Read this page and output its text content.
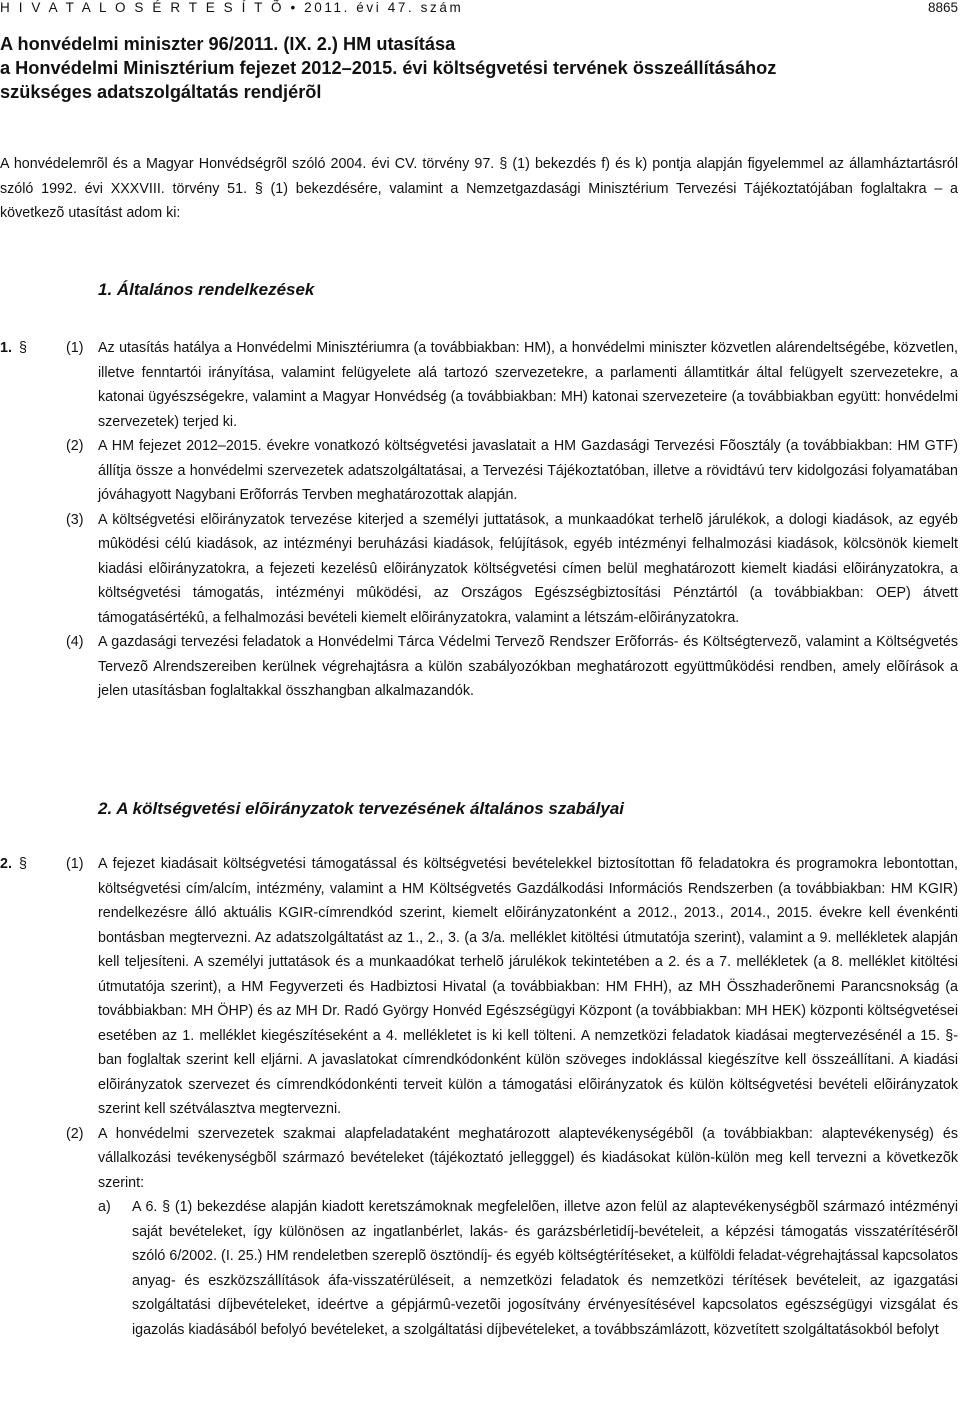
H I V A T A L O S É R T E S Í T Õ • 2011. évi 47. szám	8865
A honvédelmi miniszter 96/2011. (IX. 2.) HM utasítása
a Honvédelmi Minisztérium fejezet 2012–2015. évi költségvetési tervének összeállításához
szükséges adatszolgáltatás rendjérõl

A honvédelemrõl és a Magyar Honvédségrõl szóló 2004. évi CV. törvény 97. § (1) bekezdés f) és k) pontja alapján figyelemmel az államháztartásról szóló 1992. évi XXXVIII. törvény 51. § (1) bekezdésére, valamint a Nemzetgazdasági Minisztérium Tervezési Tájékoztatójában foglaltakra – a következõ utasítást adom ki:

1. Általános rendelkezések
1. §	(1) Az utasítás hatálya a Honvédelmi Minisztériumra (a továbbiakban: HM), a honvédelmi miniszter közvetlen alárendeltségébe, közvetlen, illetve fenntartói irányítása, valamint felügyelete alá tartozó szervezetekre, a parlamenti államtitkár által felügyelt szervezetekre, a katonai ügyészségekre, valamint a Magyar Honvédség (a továbbiakban: MH) katonai szervezeteire (a továbbiakban együtt: honvédelmi szervezetek) terjed ki.
(2) A HM fejezet 2012–2015. évekre vonatkozó költségvetési javaslatait a HM Gazdasági Tervezési Fõosztály (a továbbiakban: HM GTF) állítja össze a honvédelmi szervezetek adatszolgáltatásai, a Tervezési Tájékoztatóban, illetve a rövidtávú terv kidolgozási folyamatában jóváhagyott Nagybani Erõforrás Tervben meghatározottak alapján.
(3) A költségvetési elõirányzatok tervezése kiterjed a személyi juttatások, a munkaadókat terhelõ járulékok, a dologi kiadások, az egyéb mûködési célú kiadások, az intézményi beruházási kiadások, felújítások, egyéb intézményi felhalmozási kiadások, kölcsönök kiemelt kiadási elõirányzatokra, a fejezeti kezelésû elõirányzatok költségvetési címen belül meghatározott kiemelt kiadási elõirányzatokra, a költségvetési támogatás, intézményi mûködési, az Országos Egészségbiztosítási Pénztártól (a továbbiakban: OEP) átvett támogatásértékû, a felhalmozási bevételi kiemelt elõirányzatokra, valamint a létszám-elõirányzatokra.
(4) A gazdasági tervezési feladatok a Honvédelmi Tárca Védelmi Tervezõ Rendszer Erõforrás- és Költségtervezõ, valamint a Költségvetés Tervezõ Alrendszereiben kerülnek végrehajtásra a külön szabályozókban meghatározott együttmûködési rendben, amely elõírások a jelen utasításban foglaltakkal összhangban alkalmazandók.
2. A költségvetési elõirányzatok tervezésének általános szabályai
2. §	(1) A fejezet kiadásait költségvetési támogatással és költségvetési bevételekkel biztosítottan fõ feladatokra és programokra lebontottan, költségvetési cím/alcím, intézmény, valamint a HM Költségvetés Gazdálkodási Információs Rendszerben (a továbbiakban: HM KGIR) rendelkezésre álló aktuális KGIR-címrendkód szerint, kiemelt elõirányzatonként a 2012., 2013., 2014., 2015. évekre kell évenkénti bontásban megtervezni. Az adatszolgáltatást az 1., 2., 3. (a 3/a. melléklet kitöltési útmutatója szerint), valamint a 9. mellékletek alapján kell teljesíteni. A személyi juttatások és a munkaadókat terhelõ járulékok tekintetében a 2. és a 7. mellékletek (a 8. melléklet kitöltési útmutatója szerint), a HM Fegyverzeti és Hadbiztosi Hivatal (a továbbiakban: HM FHH), az MH Összhaderõnemi Parancsnokság (a továbbiakban: MH ÖHP) és az MH Dr. Radó György Honvéd Egészségügyi Központ (a továbbiakban: MH HEK) központi költségvetései esetében az 1. melléklet kiegészítéseként a 4. mellékletet is ki kell tölteni. A nemzetközi feladatok kiadásai megtervezésénél a 15. §-ban foglaltak szerint kell eljárni. A javaslatokat címrendkódonként külön szöveges indoklással kiegészítve kell összeállítani. A kiadási elõirányzatok szervezet és címrendkódonkénti terveit külön a támogatási elõirányzatok és külön költségvetési bevételi elõirányzatok szerint kell szétválasztva megtervezni.
(2) A honvédelmi szervezetek szakmai alapfeladataként meghatározott alaptevékenységébõl (a továbbiakban: alaptevékenység) és vállalkozási tevékenységbõl származó bevételeket (tájékoztató jellegggel) és kiadásokat külön-külön meg kell tervezni a következõk szerint:
a) A 6. § (1) bekezdése alapján kiadott keretszámoknak megfelelõen, illetve azon felül az alaptevékenységbõl származó intézményi saját bevételeket, így különösen az ingatlanbérlet, lakás- és garázsbérletidíj-bevételeit, a képzési támogatás visszatérítésérõl szóló 6/2002. (I. 25.) HM rendeletben szereplõ ösztöndíj- és egyéb költségtérítéseket, a külföldi feladat-végrehajtással kapcsolatos anyag- és eszközszállítások áfa-visszatérüléseit, a nemzetközi feladatok és nemzetközi térítések bevételeit, az igazgatási szolgáltatási díjbevételeket, ideértve a gépjármû-vezetõi jogosítvány érvényesítésével kapcsolatos egészségügyi vizsgálat és igazolás kiadásából befolyó bevételeket, a szolgáltatási díjbevételeket, a továbbszámlázott, közvetített szolgáltatásokból befolyt
